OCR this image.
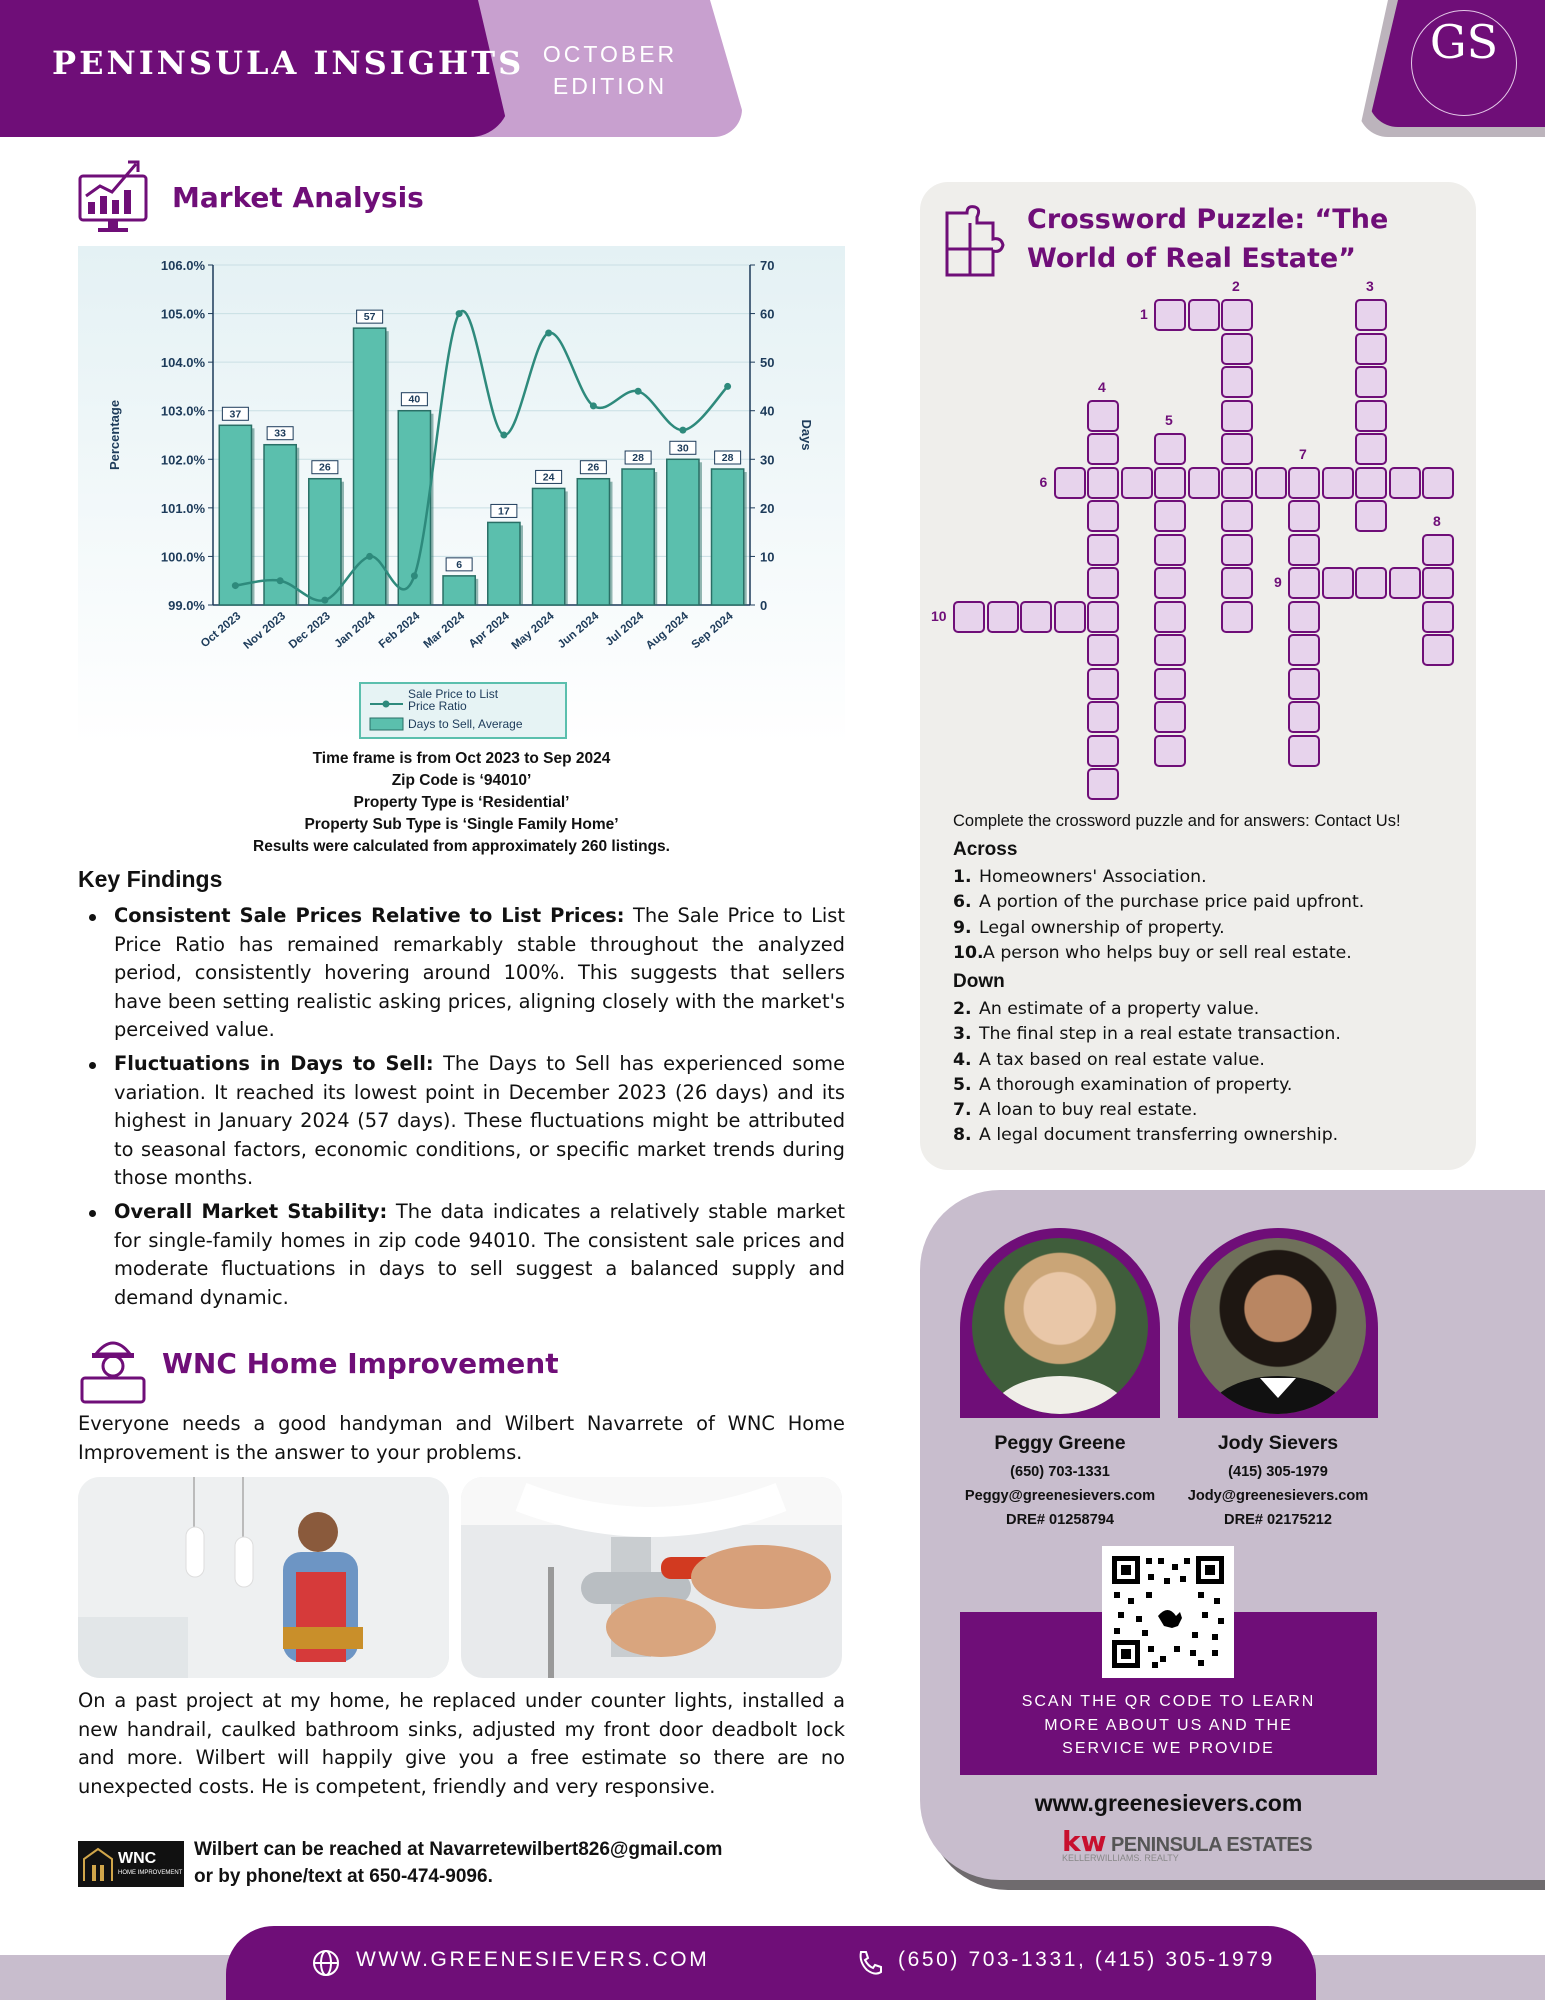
PENINSULA INSIGHTS OCTOBER
EDITION
GS
Market Analysis
99.0%
100.0%
101.0%
102.0%
103.0%
104.0%
105.0%
106.0%
0
10
20
30
40
50
60
70
Percentage	Days
37
33
26
57
40
6
17
24
26
28
30
28
Oct 2023
Nov 2023
Dec 2023 Jan 2024 Feb 2024 Mar 2024 Apr 2024
May 2024 Jun 2024 Jul 2024
Aug 2024
Sep 2024
Sale Price to List Price Ratio
Days to Sell, Average
Time frame is from Oct 2023 to Sep 2024
Zip Code is ‘94010’
Property Type is ‘Residential’
Property Sub Type is ‘Single Family Home’
Results were calculated from approximately 260 listings.
Key Findings
Consistent Sale Prices Relative to List Prices: The Sale Price to List Price Ratio has remained remarkably stable throughout the analyzed period, consistently hovering around 100%. This suggests that sellers have been setting realistic asking prices, aligning closely with the market's perceived value.
Fluctuations in Days to Sell: The Days to Sell has experienced some variation. It reached its lowest point in December 2023 (26 days) and its highest in January 2024 (57 days). These fluctuations might be attributed to seasonal factors, economic conditions, or specific market trends during those months.
Overall Market Stability: The data indicates a relatively stable market for single-family homes in zip code 94010. The consistent sale prices and moderate fluctuations in days to sell suggest a balanced supply and demand dynamic.
WNC Home Improvement
Everyone needs a good handyman and Wilbert Navarrete of WNC Home Improvement is the answer to your problems.
On a past project at my home, he replaced under counter lights, installed a new handrail, caulked bathroom sinks, adjusted my front door deadbolt lock and more. Wilbert will happily give you a free estimate so there are no unexpected costs. He is competent, friendly and very responsive.
WNC
HOME IMPROVEMENT
Wilbert can be reached at Navarretewilbert826@gmail.com
or by phone/text at 650-474-9096.
Crossword Puzzle: “The World of Real Estate”
1
2	3
4
5
6
7
8
9
10
Complete the crossword puzzle and for answers: Contact Us!
Across
1. Homeowners' Association.
6. A portion of the purchase price paid upfront.
9. Legal ownership of property.
10.A person who helps buy or sell real estate.
Down
2. An estimate of a property value.
3. The final step in a real estate transaction.
4. A tax based on real estate value.
5. A thorough examination of property.
7. A loan to buy real estate.
8. A legal document transferring ownership.
Peggy Greene
(650) 703-1331
Peggy@greenesievers.com
DRE# 01258794
Jody Sievers
(415) 305-1979
Jody@greenesievers.com
DRE# 02175212
SCAN THE QR CODE TO LEARN
MORE ABOUT US AND THE
SERVICE WE PROVIDE
www.greenesievers.com
kw PENINSULA ESTATES
KELLERWILLIAMS. REALTY
WWW.GREENESIEVERS.COM	(650) 703-1331, (415) 305-1979
